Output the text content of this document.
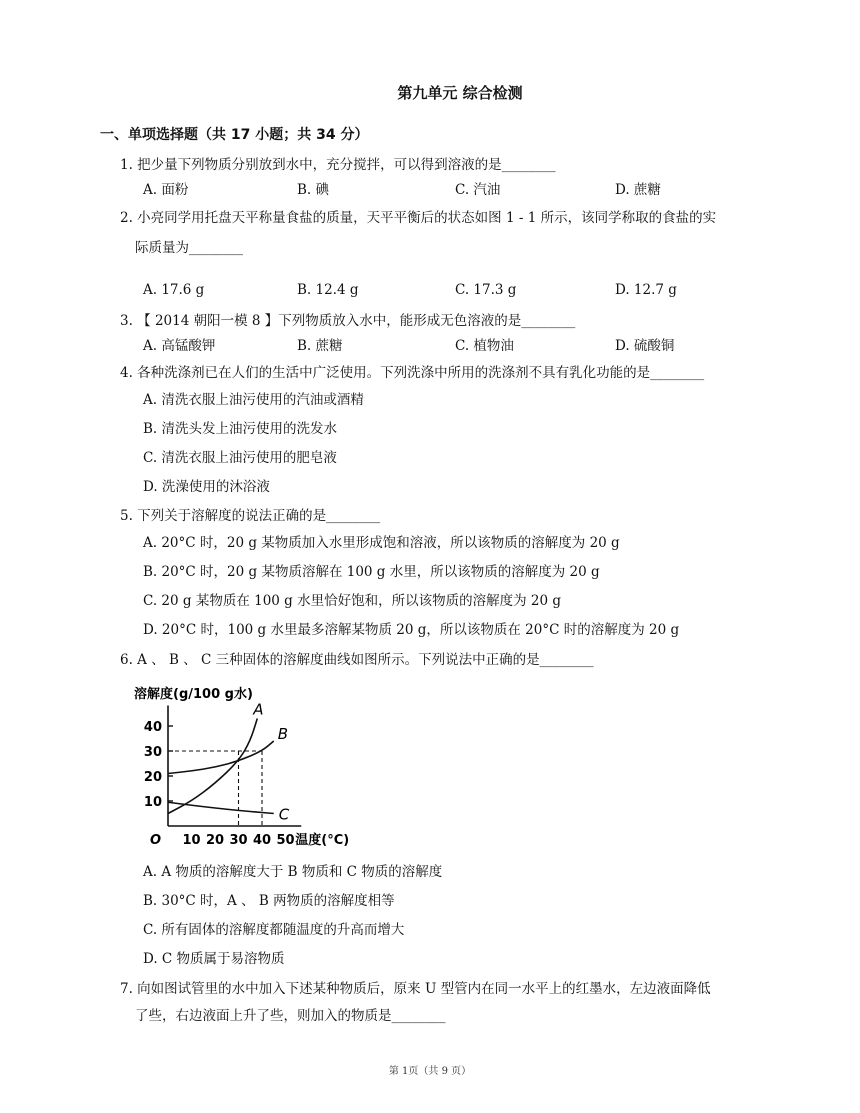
第九单元 综合检测
一、单项选择题（共 17 小题；共 34 分）
1. 把少量下列物质分别放到水中，充分搅拌，可以得到溶液的是________
A. 面粉	B. 碘	C. 汽油	D. 蔗糖
2. 小亮同学用托盘天平称量食盐的质量，天平平衡后的状态如图 1 - 1 所示，该同学称取的食盐的实
际质量为________
A. 17.6 g	B. 12.4 g	C. 17.3 g	D. 12.7 g
3. 【 2014 朝阳一模 8 】下列物质放入水中，能形成无色溶液的是________
A. 高锰酸钾	B. 蔗糖	C. 植物油	D. 硫酸铜
4. 各种洗涤剂已在人们的生活中广泛使用。下列洗涤中所用的洗涤剂不具有乳化功能的是________
A. 清洗衣服上油污使用的汽油或酒精
B. 清洗头发上油污使用的洗发水
C. 清洗衣服上油污使用的肥皂液
D. 洗澡使用的沐浴液
5. 下列关于溶解度的说法正确的是________
A. 20°C 时，20 g 某物质加入水里形成饱和溶液，所以该物质的溶解度为 20 g
B. 20°C 时，20 g 某物质溶解在 100 g 水里，所以该物质的溶解度为 20 g
C. 20 g 某物质在 100 g 水里恰好饱和，所以该物质的溶解度为 20 g
D. 20°C 时，100 g 水里最多溶解某物质 20 g，所以该物质在 20°C 时的溶解度为 20 g
6. A 、 B 、 C 三种固体的溶解度曲线如图所示。下列说法中正确的是________
溶解度(g/100 g水)
温度(°C)
O 10 20 30 40 50
10
20
30
40
A
B
C
A. A 物质的溶解度大于 B 物质和 C 物质的溶解度
B. 30°C 时，A 、 B 两物质的溶解度相等
C. 所有固体的溶解度都随温度的升高而增大
D. C 物质属于易溶物质
7. 向如图试管里的水中加入下述某种物质后，原来 U 型管内在同一水平上的红墨水，左边液面降低
了些，右边液面上升了些，则加入的物质是________
第 1页（共 9 页）
